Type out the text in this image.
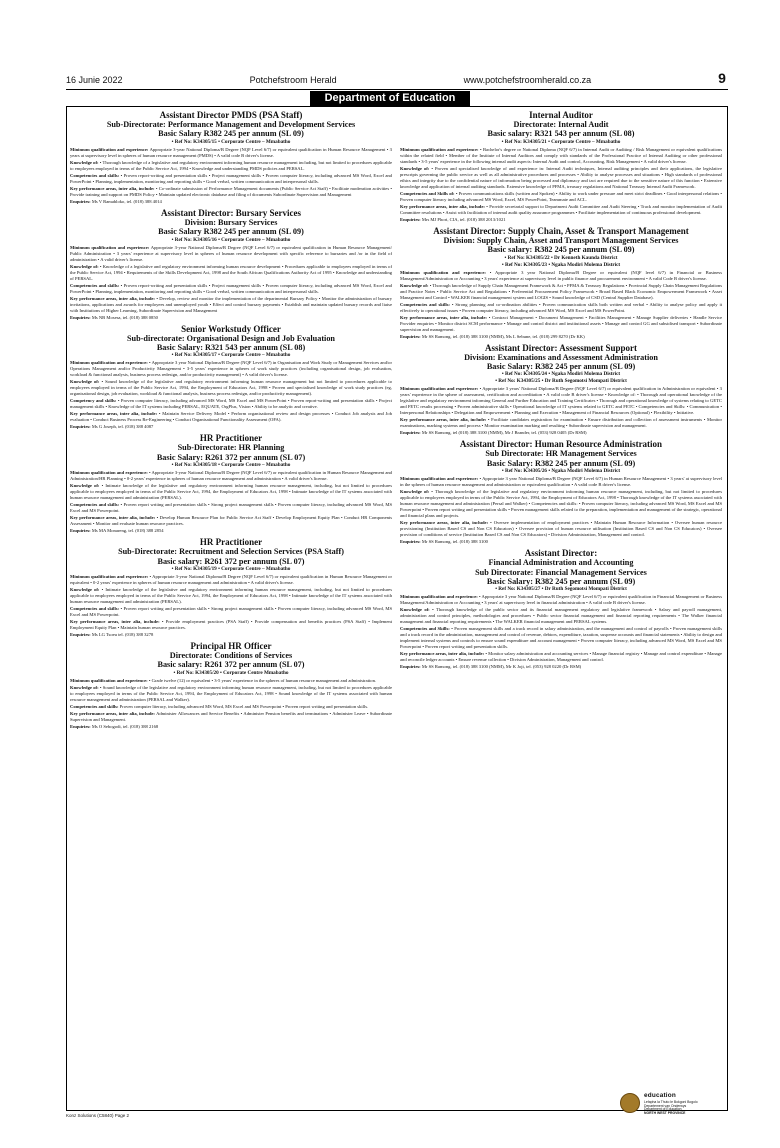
16 Junie 2022	Potchefstroom Herald	www.potchefstroomherald.co.za	9
Department of Education
Assistant Director PMDS (PSA Staff)
Sub-Directorate: Performance Management and Development Services
Basic Salary R382 245 per annum (SL 09)
• Ref No: K34305/15 • Corporate Centre – Mmabatho

Minimum qualification and experience: Appropriate 3-year National Diploma/B Degree (NQF Level 6/7) or equivalent qualification in Human Resource Management • 3 years at supervisory level in spheres of human resource management (PMDS) • A valid code B driver's license.

Knowledge of: • Thorough knowledge of a legislative and regulatory environment informing human resource management including, but not limited to procedures applicable to employees employed in terms of the Public Service Act, 1994 • Knowledge and understanding PMDS policies and PERSAL.

Competencies and skills: • Proven report-writing and presentation skills • Project management skills • Proven computer literacy, including advanced MS Word, Excel and PowerPoint • Planning, implementation, monitoring and reporting skills • Good verbal, written communication and interpersonal skills.

Key performance areas, inter alia, include: • Co-ordinate submission of Performance Management documents (Public Service Act Staff) • Facilitate moderation activities • Provide training and support on PMDS Policy • Maintain updated electronic database and filing of documents Subordinate Supervision and Management

Enquiries: Ms V Ramabloko, tel. (018) 388 4014

Assistant Director: Bursary Services
Division: Bursary Services
Basic Salary R382 245 per annum (SL 09)
• Ref No: K34305/16 • Corporate Centre – Mmabatho

Minimum qualification and experience: Appropriate 3-year National Diploma/B Degree (NQF Level 6/7) or equivalent qualification in Human Resource Management/ Public Administration • 3 years' experience at supervisory level in spheres of human resource development with specific reference to bursaries and /or in the field of administration • A valid driver's license.

Knowledge of: • Knowledge of a legislative and regulatory environment informing human resource development • Procedures applicable to employees employed in terms of the Public Service Act, 1994 • Requirements of the Skills Development Act, 1998 and the South African Qualifications Authority Act of 1995 • Knowledge and understanding of PERSAL.

Competencies and skills: • Proven report-writing and presentation skills • Project management skills • Proven computer literacy, including advanced MS Word, Excel and PowerPoint • Planning, implementation, monitoring and reporting skills • Good verbal, written communication and interpersonal skills.

Key performance areas, inter alia, include: • Develop, review and monitor the implementation of the departmental Bursary Policy • Monitor the administration of bursary invitations, applications and awards for employees and unemployed youth • Effect and control bursary payments • Establish and maintain updated bursary records and liaise with Institutions of Higher Learning, Subordinate Supervision and Management

Enquiries: Ms NB Mosesa, tel. (018) 388 0850

Senior Workstudy Officer
Sub-directorate: Organisational Design and Job Evaluation
Basic Salary: R321 543 per annum (SL 08)
• Ref No: K34305/17 • Corporate Centre – Mmabatho

Minimum qualification and experience: • Appropriate 3 year National Diploma/B Degree (NQF Level 6/7) in Organisation and Work Study or Management Services and/or Operations Management and/or Productivity Management • 3-5 years' experience in spheres of work study practices (including organisational design, job evaluation, workload & functional analysis, business process redesign, and/or productivity management) • A valid driver's license.

Knowledge of: • Sound knowledge of the legislative and regulatory environment informing human resource management but not limited to procedures applicable to employees employed in terms of the Public Service Act, 1994, the Employment of Educators Act, 1998 • Proven and specialised knowledge of work study practices (eg, organisational design, job evaluation, workload & functional analysis, business process redesign, and/or productivity management).

Competency and skills: • Proven computer literacy, including advanced MS Word, MS Excel and MS PowerPoint • Proven report-writing and presentation skills • Project management skills • Knowledge of the IT systems including PERSAL, EQUATE, OrgPlus, Vision • Ability to be analytic and creative.

Key performance areas, inter alia, include: • Maintain Service Delivery Model • Perform organisational review and design processes • Conduct Job analysis and Job evaluation • Conduct Business Process Re-Engineering • Conduct Organisational Functionality Assessment (OFA).

Enquiries: Ms G Joseph, tel. (018) 388 4087

HR Practitioner
Sub-Directorate: HR Planning
Basic Salary: R261 372 per annum (SL 07)
• Ref No: K34305/18 • Corporate Centre – Mmabatho

Minimum qualification and experience: • Appropriate 3-year National Diploma/B Degree (NQF Level 6/7) or equivalent qualification in Human Resource Management and Administration/HR Planning • 0-2 years' experience in spheres of human resource management and administration • A valid driver's license.

Knowledge of: • Intimate knowledge of the legislative and regulatory environment informing human resource management, including, but not limited to procedures applicable to employees employed in terms of the Public Service Act, 1994, the Employment of Educators Act, 1998 • Intimate knowledge of the IT systems associated with human resource management and administration (PERSAL).

Competencies and skills: • Proven report writing and presentation skills • Strong project management skills • Proven computer literacy, including advanced MS Word, MS Excel and MS Powerpoint.

Key performance areas, inter alia, include: • Develop Human Resource Plan for Public Service Act Staff • Develop Employment Equity Plan • Conduct HR Components Assessment • Monitor and evaluate human resource practices.

Enquiries: Ms MA Monareng, tel. (018) 388 2854

HR Practitioner
Sub-Directorate: Recruitment and Selection Services (PSA Staff)
Basic salary: R261 372 per annum (SL 07)
• Ref No: K34305/19 • Corporate Centre – Mmabatho

Minimum qualification and experience: • Appropriate 3-year National Diploma/B Degree (NQF Level 6/7) or equivalent qualification in Human Resource Management or equivalent • 0-2 years' experience in spheres of human resource management and administration • A valid driver's license.

Knowledge of: • Intimate knowledge of the legislative and regulatory environment informing human resource management, including, but not limited to procedures applicable to employees employed in terms of the Public Service Act, 1994, the Employment of Educators Act, 1998 • Intimate knowledge of the IT systems associated with human resource management and administration (PERSAL).

Competencies and skills: • Proven report writing and presentation skills • Strong project management skills • Proven computer literacy, including advanced MS Word, MS Excel and MS Powerpoint.

Key performance areas, inter alia, include: • Provide employment practices (PSA Staff) • Provide compensation and benefits practices (PSA Staff) • Implement Employment Equity Plan • Maintain human resource practices.

Enquiries: Ms LG Tsoeu tel. (018) 388 3278

Principal HR Officer
Directorate: Conditions of Services
Basic salary: R261 372 per annum (SL 07)
• Ref No: K34305/20 • Corporate Centre Mmabatho

Minimum qualification and experience: • Grade twelve (12) or equivalent • 3-5 years' experience in the spheres of human resource management and administration.

Knowledge of: • Sound knowledge of the legislative and regulatory environment informing human resource management, including, but not limited to procedures applicable to employees employed in terms of the Public Service Act, 1994, the Employment of Educators Act, 1998 • Sound knowledge of the IT systems associated with human resource management and administration (PERSAL and Walker).

Competencies and skills: Proven computer literacy, including advanced MS Word, MS Excel and MS Powerpoint • Proven report writing and presentation skills.

Key performance areas, inter alia, include: Administer Allowances and Service Benefits • Administer Pension benefits and terminations • Administer Leave • Subordinate Supervision and Management.

Enquiries: Ms O Sebogodi, tel. (018) 388 2168

Internal Auditor
Directorate: Internal Audit
Basic salary: R321 543 per annum (SL 08)
• Ref No: K34305/21 • Corporate Centre – Mmabatho

Minimum qualification and experience: • Bachelor's degree or National Diploma (NQF 6/7) in Internal Audit or Auditing / Risk Management or equivalent qualifications within the related field • Member of the Institute of Internal Auditors and comply with standards of the Professional Practice of Internal Auditing or other professional standards • 3-5 years' experience in the following internal audit aspects: Internal Audit and control, Accounting, Risk Management • A valid driver's license.

Knowledge of: • Proven and specialised knowledge of and experience in: Internal Audit techniques, Internal auditing principles and their applications, the legislative prescripts governing the public service as well as all administrative procedures and processes • Ability to analyse processes and situations • High standards of professional ethics and integrity due to the confidential nature of information being processed and diplomacy and tact are required due to the sensitive nature of this function • Extensive knowledge and application of internal auditing standards. Extensive knowledge of PFMA, treasury regulations and National Treasury Internal Audit Framework.

Competencies and Skills of: • Proven communications skills (written and Spoken) • Ability to work under pressure and meet strict deadlines • Good interpersonal relations • Proven computer literacy including advanced MS Word, Excel, MS PowerPoint, Teammate and ACL.

Key performance areas, inter alia, include: • Provide secretarial support to Department Audit Committee and Audit Steering • Track and monitor implementation of Audit Committee resolutions • Assist with facilitation of internal audit quality assurance programmes • Facilitate implementation of continuous professional development.

Enquiries: Mrs MJ Phori, CIA, tel. (018) 388 2013/1021

Assistant Director: Supply Chain, Asset & Transport Management
Division: Supply Chain, Asset and Transport Management Services
Basic salary: R382 245 per annum (SL 09)
• Ref No: K34305/22 • Dr Kenneth Kaunda District
• Ref No: K34305/23 • Ngaka Modiri Molema District

Minimum qualification and experience: • Appropriate 3 year National Diploma/B Degree or equivalent (NQF level 6/7) in Financial or Business Management/Administration or Accounting • 3 years' experience at supervisory level in public finance and procurement environment • A valid Code B driver's license.

Knowledge of: • Thorough knowledge of Supply Chain Management Framework & Act • PFMA & Treasury Regulations • Provincial Supply Chain Management Regulations and Practice Notes • Public Service Act and Regulations • Preferential Procurement Policy Framework • Broad Based Black Economic Empowerment Framework • Asset Management and Control • WALKER financial management system and LOGIS • Sound knowledge of CSD (Central Supplier Database).

Competencies and skills: • Strong planning and co-ordination abilities • Proven communication skills both written and verbal • Ability to analyse policy and apply it effectively to operational issues • Proven computer literacy, including advanced MS Word, MS Excel and MS PowerPoint.

Key performance areas, inter alia, include: • Contract Management • Document Management • Facilities Management • Manage Supplier deliveries • Handle Service Provider enquiries • Monitor district SCM performance • Manage and control district and institutional assets • Manage and control GG and subsidised transport • Subordinate supervision and management.

Enquiries: Mr SS Ramong, tel. (018) 388 3100 (NMM), Ms L Sebune, tel. (018) 299 8270 (Dr KK)

Assistant Director: Assessment Support
Division: Examinations and Assessment Administration
Basic Salary: R382 245 per annum (SL 09)
• Ref No: K34305/24 • Ngaka Modiri Molema District
• Ref No: K34305/25 • Dr Ruth Segomotsi Mompati District

Minimum qualification and experience: • Appropriate 3 years' National Diploma/B Degree (NQF Level 6/7) or equivalent qualification in Administration or equivalent • 3 years' experience in the sphere of assessment, certification and accreditation • A valid code B driver's license • Knowledge of: • Thorough and operational knowledge of the legislative and regulatory environment informing General and Further Education and Training Certificates • Thorough and operational knowledge of systems relating to GETC and FETC results processing • Proven administrative skills • Operational knowledge of IT systems related to GETC and FETC • Competencies and Skills: • Communication • Interpersonal Relationships • Delegation and Empowerment • Planning and Execution • Management of Financial Resources (Optional) • Flexibility • Initiative.

Key performance areas, inter alia, include: • Facilitate candidates registration for examination • Ensure distribution and collection of assessment instruments • Monitor examinations, marking systems and process • Monitor examination marking and resulting • Subordinate supervision and management.

Enquiries: Mr SS Ramong, tel (018) 388 3100 (NMM), Mr J Brander, tel. (053) 928 0405 (Dr RSM)

Assistant Director: Human Resource Administration
Sub Directorate: HR Management Services
Basic Salary: R382 245 per annum (SL 09)
• Ref No: K34305/26 • Ngaka Modiri Molema District

Minimum qualification and experience: • Appropriate 3 year National Diploma/B Degree (NQF Level 6/7) in Human Resource Management • 3 years' at supervisory level in the spheres of human resource management and administration or equivalent qualification • A valid code B driver's license.

Knowledge of: • Thorough knowledge of the legislative and regulatory environment informing human resource management, including, but not limited to procedures applicable to employees employed in terms of the Public Service Act, 1994, the Employment of Educators Act, 1998 • Thorough knowledge of the IT systems associated with human resource management and administration (Persal and Walker) • Competencies and skills: • Proven computer literacy, including advanced MS Word, MS Excel and MS Powerpoint • Proven report writing and presentation skills • Proven management skills related to the preparation, implementation and management of the strategic, operational and financial plans and projects.

Key performance areas, inter alia, include: • Oversee implementation of employment practices • Maintain Human Resource Information • Oversee human resource provisioning (Institution Based CS and Non CS Educators) • Oversee provision of human resource utilisation (Institution Based CS and Non CS Educators) • Oversee provision of conditions of service (Institution Based CS and Non CS Educators) • Division Administration, Management and control.

Enquiries: Mr SS Ramong, tel. (018) 388 3100

Assistant Director:
Financial Administration and Accounting
Sub Directorate: Financial Management Services
Basic Salary: R382 245 per annum (SL 09)
• Ref No: K34305/27 • Dr Ruth Segomotsi Mompati District

Minimum qualification and experience: • Appropriate 3 year National Diploma/B Degree (NQF Level 6/7) or equivalent qualification in Financial Management or Business Management/Administration or Accounting • 3 years' at supervisory level in financial administration • A valid code B driver's license.

Knowledge of: • Thorough knowledge of the public sector and its financial management regulatory and legislative framework • Salary and payroll management, administration and control principles, methodologies and procedures • Public sector financial management and financial reporting requirements • The Walker financial management and financial reporting requirements • The WALKER financial management and PERSAL systems.

Competencies and Skills: • Proven management skills and a track record in salary administration, and the management and control of payrolls • Proven management skills and a track record in the administration, management and control of revenue, debtors, expenditure, taxation, suspense accounts and financial statements • Ability to design and implement internal systems and controls to ensure sound expenditure and account management • Proven computer literacy, including advanced MS Word, MS Excel and MS Powerpoint • Proven report writing and presentation skills.

Key performance areas, inter alia, include: • Monitor salary administration and accounting services • Manage financial registry • Manage and control expenditure • Manage and reconcile ledger accounts • Ensure revenue collection • Division Administration, Management and control.

Enquiries: Mr SS Ramong, tel. (018) 388 3100 (NMM), Mr K Joji, tel. (053) 928 0220 (Dr RSM)

Konz Solutions (C5840) Page 2
education
Lefapha la Thuto le Bokgoni Bogolo
Departement van Onderwys
Department of Education
NORTH WEST PROVINCE
